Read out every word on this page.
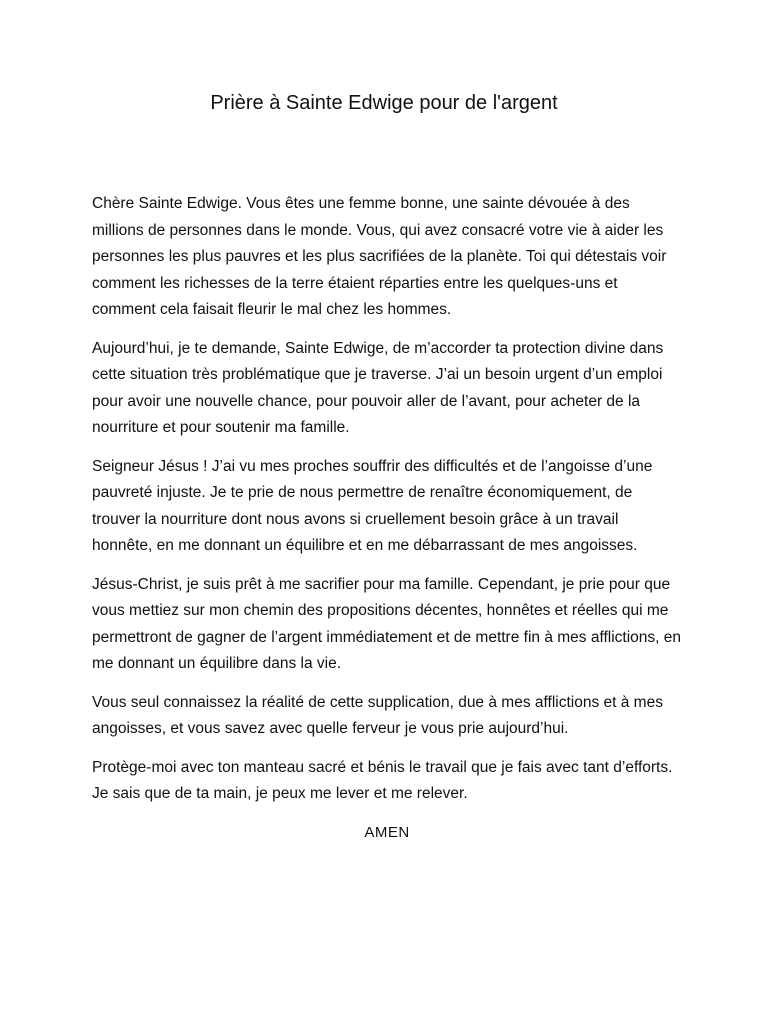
Prière à Sainte Edwige pour de l'argent

Chère Sainte Edwige. Vous êtes une femme bonne, une sainte dévouée à des millions de personnes dans le monde. Vous, qui avez consacré votre vie à aider les personnes les plus pauvres et les plus sacrifiées de la planète. Toi qui détestais voir comment les richesses de la terre étaient réparties entre les quelques-uns et comment cela faisait fleurir le mal chez les hommes.

Aujourd’hui, je te demande, Sainte Edwige, de m’accorder ta protection divine dans cette situation très problématique que je traverse. J’ai un besoin urgent d’un emploi pour avoir une nouvelle chance, pour pouvoir aller de l’avant, pour acheter de la nourriture et pour soutenir ma famille.

Seigneur Jésus ! J’ai vu mes proches souffrir des difficultés et de l’angoisse d’une pauvreté injuste. Je te prie de nous permettre de renaître économiquement, de trouver la nourriture dont nous avons si cruellement besoin grâce à un travail honnête, en me donnant un équilibre et en me débarrassant de mes angoisses.

Jésus-Christ, je suis prêt à me sacrifier pour ma famille. Cependant, je prie pour que vous mettiez sur mon chemin des propositions décentes, honnêtes et réelles qui me permettront de gagner de l’argent immédiatement et de mettre fin à mes afflictions, en me donnant un équilibre dans la vie.

Vous seul connaissez la réalité de cette supplication, due à mes afflictions et à mes angoisses, et vous savez avec quelle ferveur je vous prie aujourd’hui.

Protège-moi avec ton manteau sacré et bénis le travail que je fais avec tant d’efforts. Je sais que de ta main, je peux me lever et me relever.

AMEN
